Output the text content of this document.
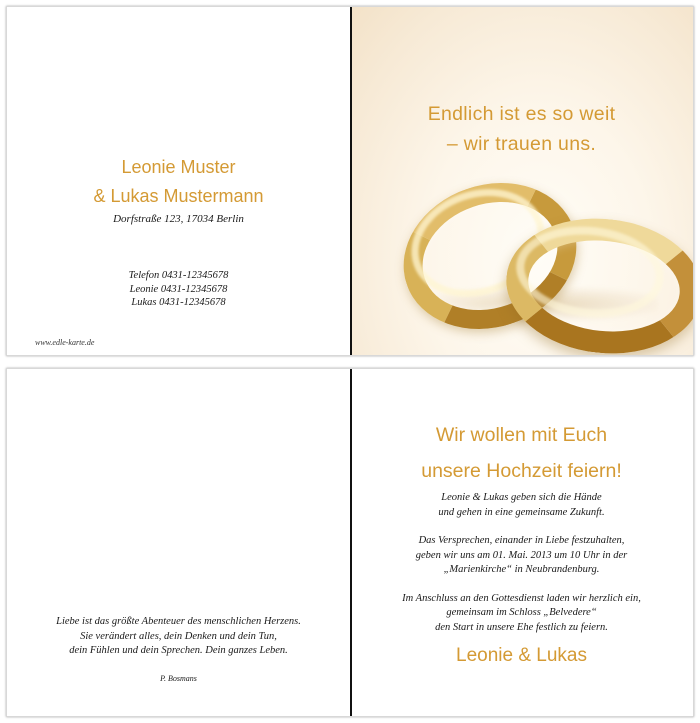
Leonie Muster
& Lukas Mustermann
Dorfstraße 123, 17034 Berlin
Telefon 0431-12345678
Leonie 0431-12345678
Lukas 0431-12345678
www.edle-karte.de
Endlich ist es so weit
– wir trauen uns.
Liebe ist das größte Abenteuer des menschlichen Herzens.
Sie verändert alles, dein Denken und dein Tun,
dein Fühlen und dein Sprechen. Dein ganzes Leben.
P. Bosmans
Wir wollen mit Euch
unsere Hochzeit feiern!

Leonie & Lukas geben sich die Hände
und gehen in eine gemeinsame Zukunft.

Das Versprechen, einander in Liebe festzuhalten,
geben wir uns am 01. Mai. 2013 um 10 Uhr in der
„Marienkirche“ in Neubrandenburg.

Im Anschluss an den Gottesdienst laden wir herzlich ein,
gemeinsam im Schloss „Belvedere“
den Start in unsere Ehe festlich zu feiern.

Leonie & Lukas
